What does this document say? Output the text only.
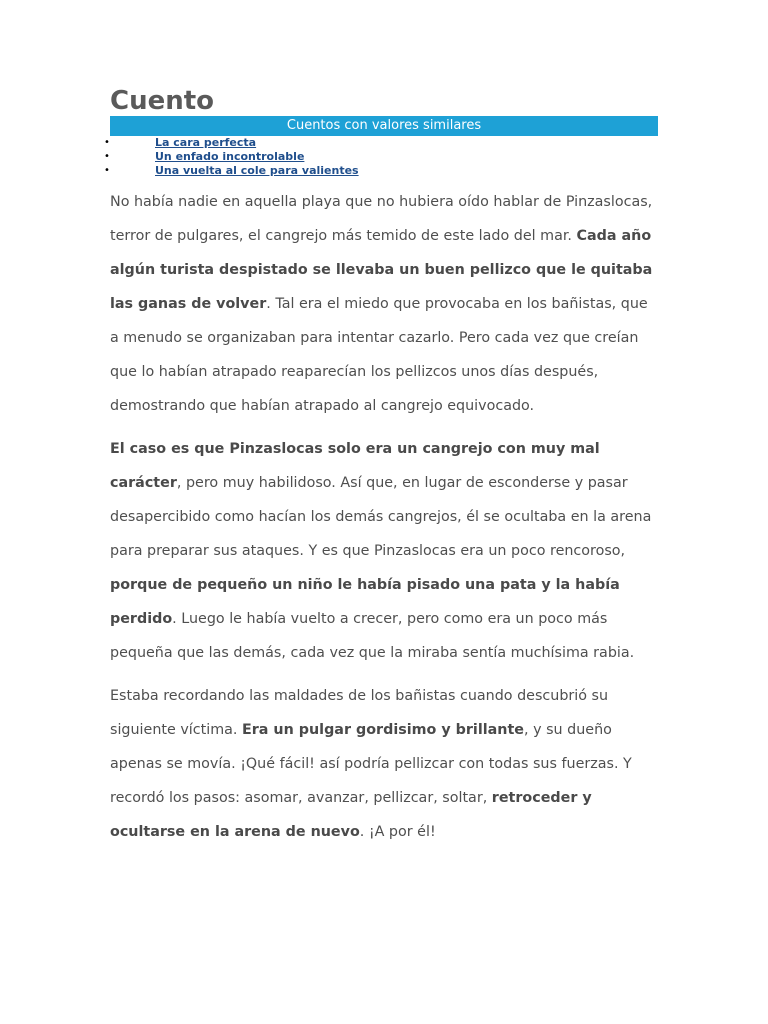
Cuento
Cuentos con valores similares
•	La cara perfecta
•	Un enfado incontrolable
•	Una vuelta al cole para valientes

No había nadie en aquella playa que no hubiera oído hablar de Pinzaslocas, terror de pulgares, el cangrejo más temido de este lado del mar. Cada año algún turista despistado se llevaba un buen pellizco que le quitaba las ganas de volver. Tal era el miedo que provocaba en los bañistas, que a menudo se organizaban para intentar cazarlo. Pero cada vez que creían que lo habían atrapado reaparecían los pellizcos unos días después, demostrando que habían atrapado al cangrejo equivocado.

El caso es que Pinzaslocas solo era un cangrejo con muy mal carácter, pero muy habilidoso. Así que, en lugar de esconderse y pasar desapercibido como hacían los demás cangrejos, él se ocultaba en la arena para preparar sus ataques. Y es que Pinzaslocas era un poco rencoroso, porque de pequeño un niño le había pisado una pata y la había perdido. Luego le había vuelto a crecer, pero como era un poco más pequeña que las demás, cada vez que la miraba sentía muchísima rabia.

Estaba recordando las maldades de los bañistas cuando descubrió su siguiente víctima. Era un pulgar gordisimo y brillante, y su dueño apenas se movía. ¡Qué fácil! así podría pellizcar con todas sus fuerzas. Y recordó los pasos: asomar, avanzar, pellizcar, soltar, retroceder y ocultarse en la arena de nuevo. ¡A por él!
